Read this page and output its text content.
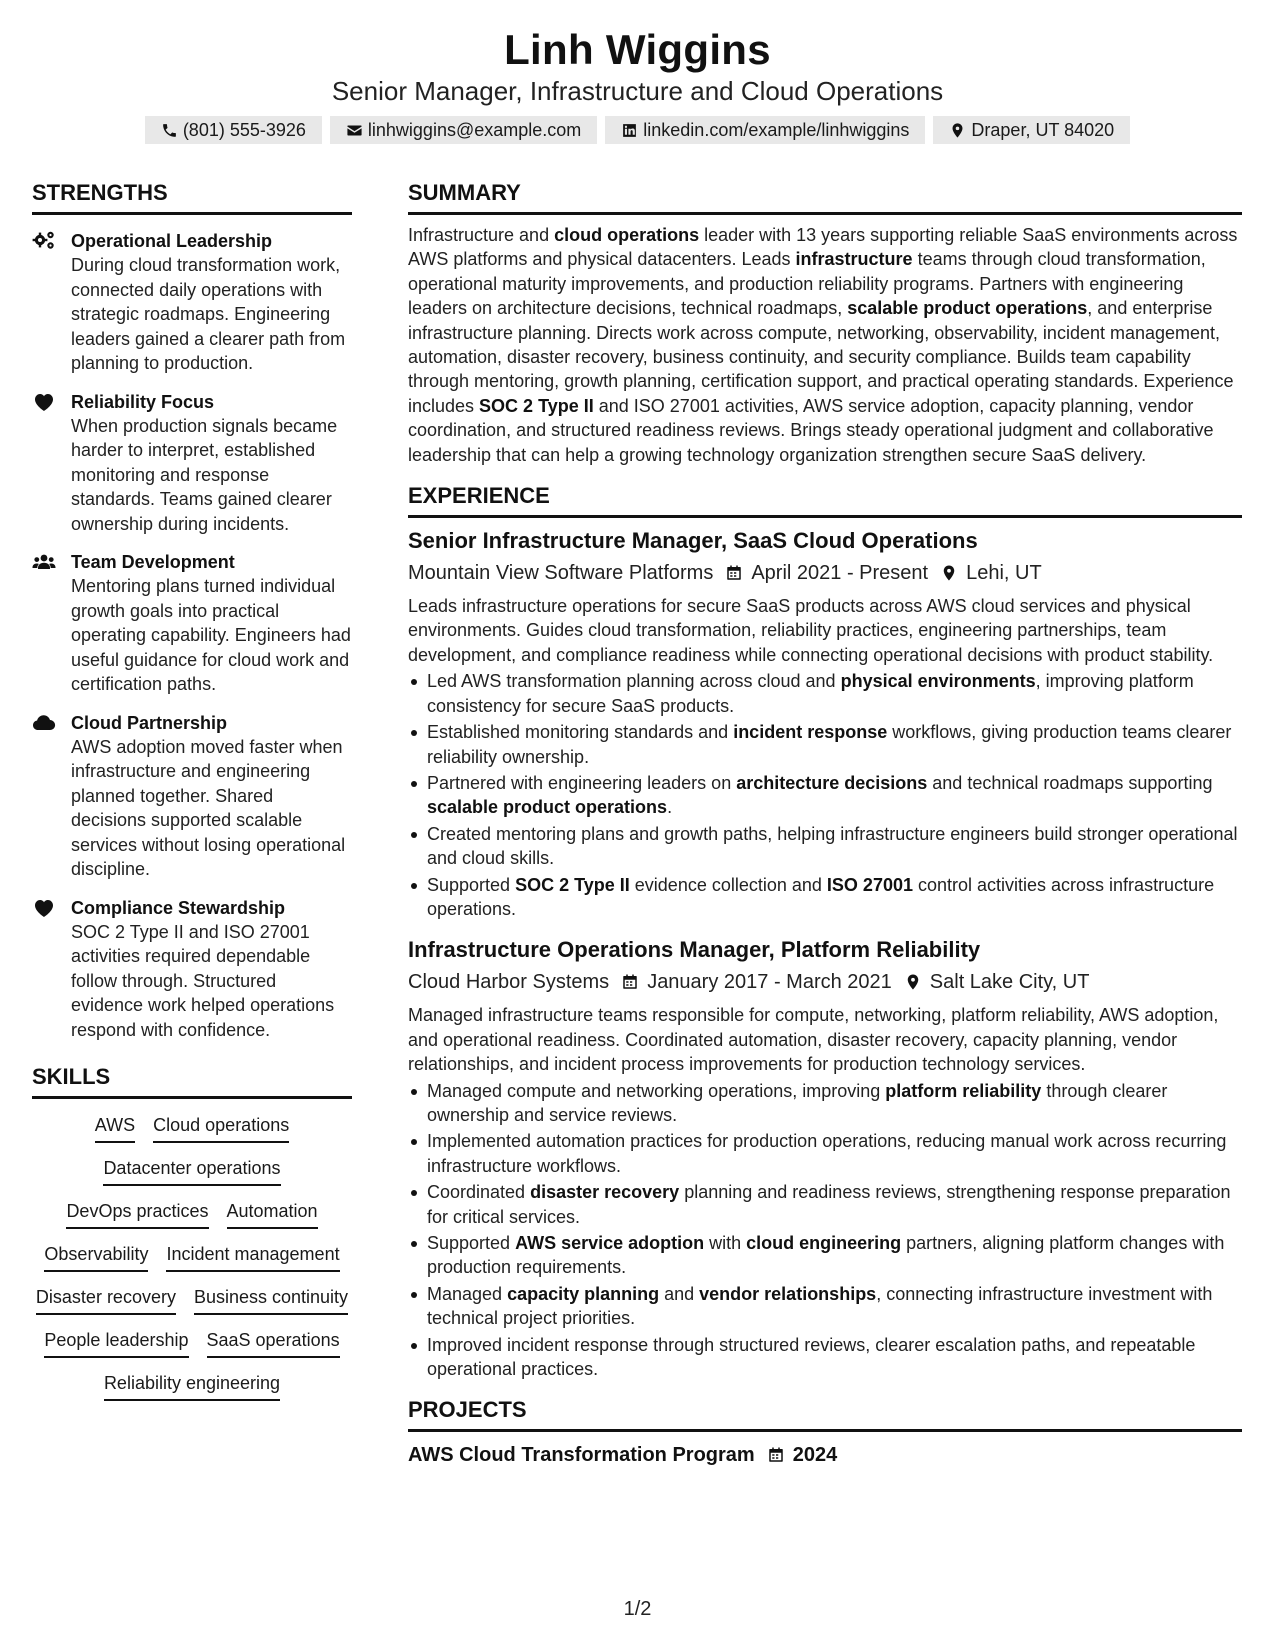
Linh Wiggins
Senior Manager, Infrastructure and Cloud Operations
(801) 555-3926	linhwiggins@example.com	linkedin.com/example/linhwiggins	Draper, UT 84020
STRENGTHS
Operational Leadership
During cloud transformation work, connected daily operations with strategic roadmaps. Engineering leaders gained a clearer path from planning to production.
Reliability Focus
When production signals became harder to interpret, established monitoring and response standards. Teams gained clearer ownership during incidents.
Team Development
Mentoring plans turned individual growth goals into practical operating capability. Engineers had useful guidance for cloud work and certification paths.
Cloud Partnership
AWS adoption moved faster when infrastructure and engineering planned together. Shared decisions supported scalable services without losing operational discipline.
Compliance Stewardship
SOC 2 Type II and ISO 27001 activities required dependable follow through. Structured evidence work helped operations respond with confidence.
SKILLS
AWS Cloud operations
Datacenter operations
DevOps practices Automation
Observability Incident management
Disaster recovery Business continuity
People leadership SaaS operations
Reliability engineering
SUMMARY
Infrastructure and cloud operations leader with 13 years supporting reliable SaaS environments across AWS platforms and physical datacenters. Leads infrastructure teams through cloud transformation, operational maturity improvements, and production reliability programs. Partners with engineering leaders on architecture decisions, technical roadmaps, scalable product operations, and enterprise infrastructure planning. Directs work across compute, networking, observability, incident management, automation, disaster recovery, business continuity, and security compliance. Builds team capability through mentoring, growth planning, certification support, and practical operating standards. Experience includes SOC 2 Type II and ISO 27001 activities, AWS service adoption, capacity planning, vendor coordination, and structured readiness reviews. Brings steady operational judgment and collaborative leadership that can help a growing technology organization strengthen secure SaaS delivery.
EXPERIENCE
Senior Infrastructure Manager, SaaS Cloud Operations
Mountain View Software Platforms April 2021 - Present Lehi, UT
Leads infrastructure operations for secure SaaS products across AWS cloud services and physical environments. Guides cloud transformation, reliability practices, engineering partnerships, team development, and compliance readiness while connecting operational decisions with product stability.
Led AWS transformation planning across cloud and physical environments, improving platform consistency for secure SaaS products.
Established monitoring standards and incident response workflows, giving production teams clearer reliability ownership.
Partnered with engineering leaders on architecture decisions and technical roadmaps supporting scalable product operations.
Created mentoring plans and growth paths, helping infrastructure engineers build stronger operational and cloud skills.
Supported SOC 2 Type II evidence collection and ISO 27001 control activities across infrastructure operations.
Infrastructure Operations Manager, Platform Reliability
Cloud Harbor Systems January 2017 - March 2021 Salt Lake City, UT
Managed infrastructure teams responsible for compute, networking, platform reliability, AWS adoption, and operational readiness. Coordinated automation, disaster recovery, capacity planning, vendor relationships, and incident process improvements for production technology services.
Managed compute and networking operations, improving platform reliability through clearer ownership and service reviews.
Implemented automation practices for production operations, reducing manual work across recurring infrastructure workflows.
Coordinated disaster recovery planning and readiness reviews, strengthening response preparation for critical services.
Supported AWS service adoption with cloud engineering partners, aligning platform changes with production requirements.
Managed capacity planning and vendor relationships, connecting infrastructure investment with technical project priorities.
Improved incident response through structured reviews, clearer escalation paths, and repeatable operational practices.
PROJECTS
AWS Cloud Transformation Program 2024
1/2
